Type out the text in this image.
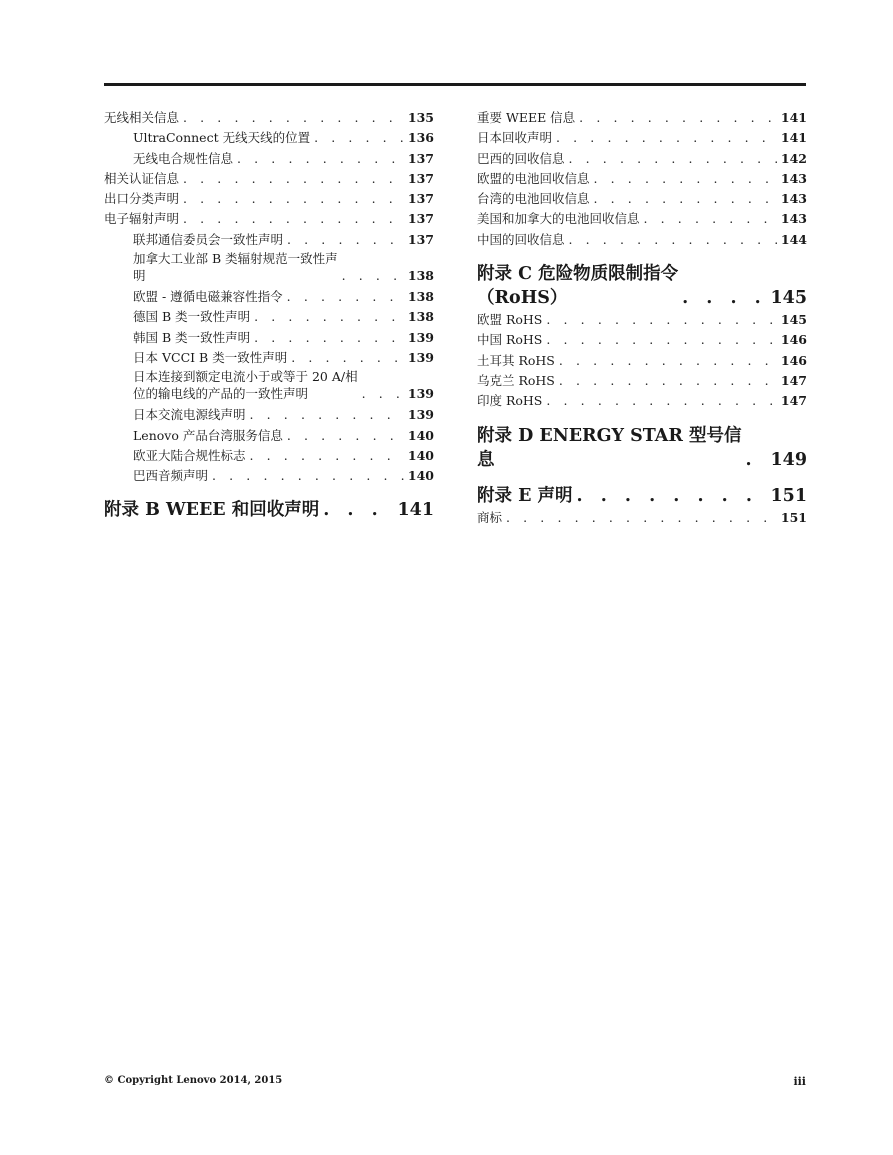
无线相关信息 . . .	135
UltraConnect 无线天线的位置 . . .	136
无线电合规性信息 . . .	137
相关认证信息 . . .	137
出口分类声明 . . .	137
电子辐射声明 . . .	137
联邦通信委员会一致性声明 . . .	137
加拿大工业部 B 类辐射规范一致性声
明 . . .	138
欧盟 - 遵循电磁兼容性指令 . . .	138
德国 B 类一致性声明 . . .	138
韩国 B 类一致性声明 . . .	139
日本 VCCI B 类一致性声明 . . .	139
日本连接到额定电流小于或等于 20 A/相
位的输电线的产品的一致性声明 . . .	139
日本交流电源线声明 . . .	139
Lenovo 产品台湾服务信息 . . .	140
欧亚大陆合规性标志 . . .	140
巴西音频声明 . . .	140
附录 B WEEE 和回收声明 . . .	141
重要 WEEE 信息 . . .	141
日本回收声明 . . .	141
巴西的回收信息 . . .	142
欧盟的电池回收信息 . . .	143
台湾的电池回收信息 . . .	143
美国和加拿大的电池回收信息 . . .	143
中国的回收信息 . . .	144
附录 C 危险物质限制指令
（RoHS） . . .	145
欧盟 RoHS . . .	145
中国 RoHS . . .	146
土耳其 RoHS . . .	146
乌克兰 RoHS . . .	147
印度 RoHS . . .	147
附录 D ENERGY STAR 型号信
息 . . .	149
附录 E 声明 . . .	151
商标 . . .	151
© Copyright Lenovo 2014, 2015	iii
